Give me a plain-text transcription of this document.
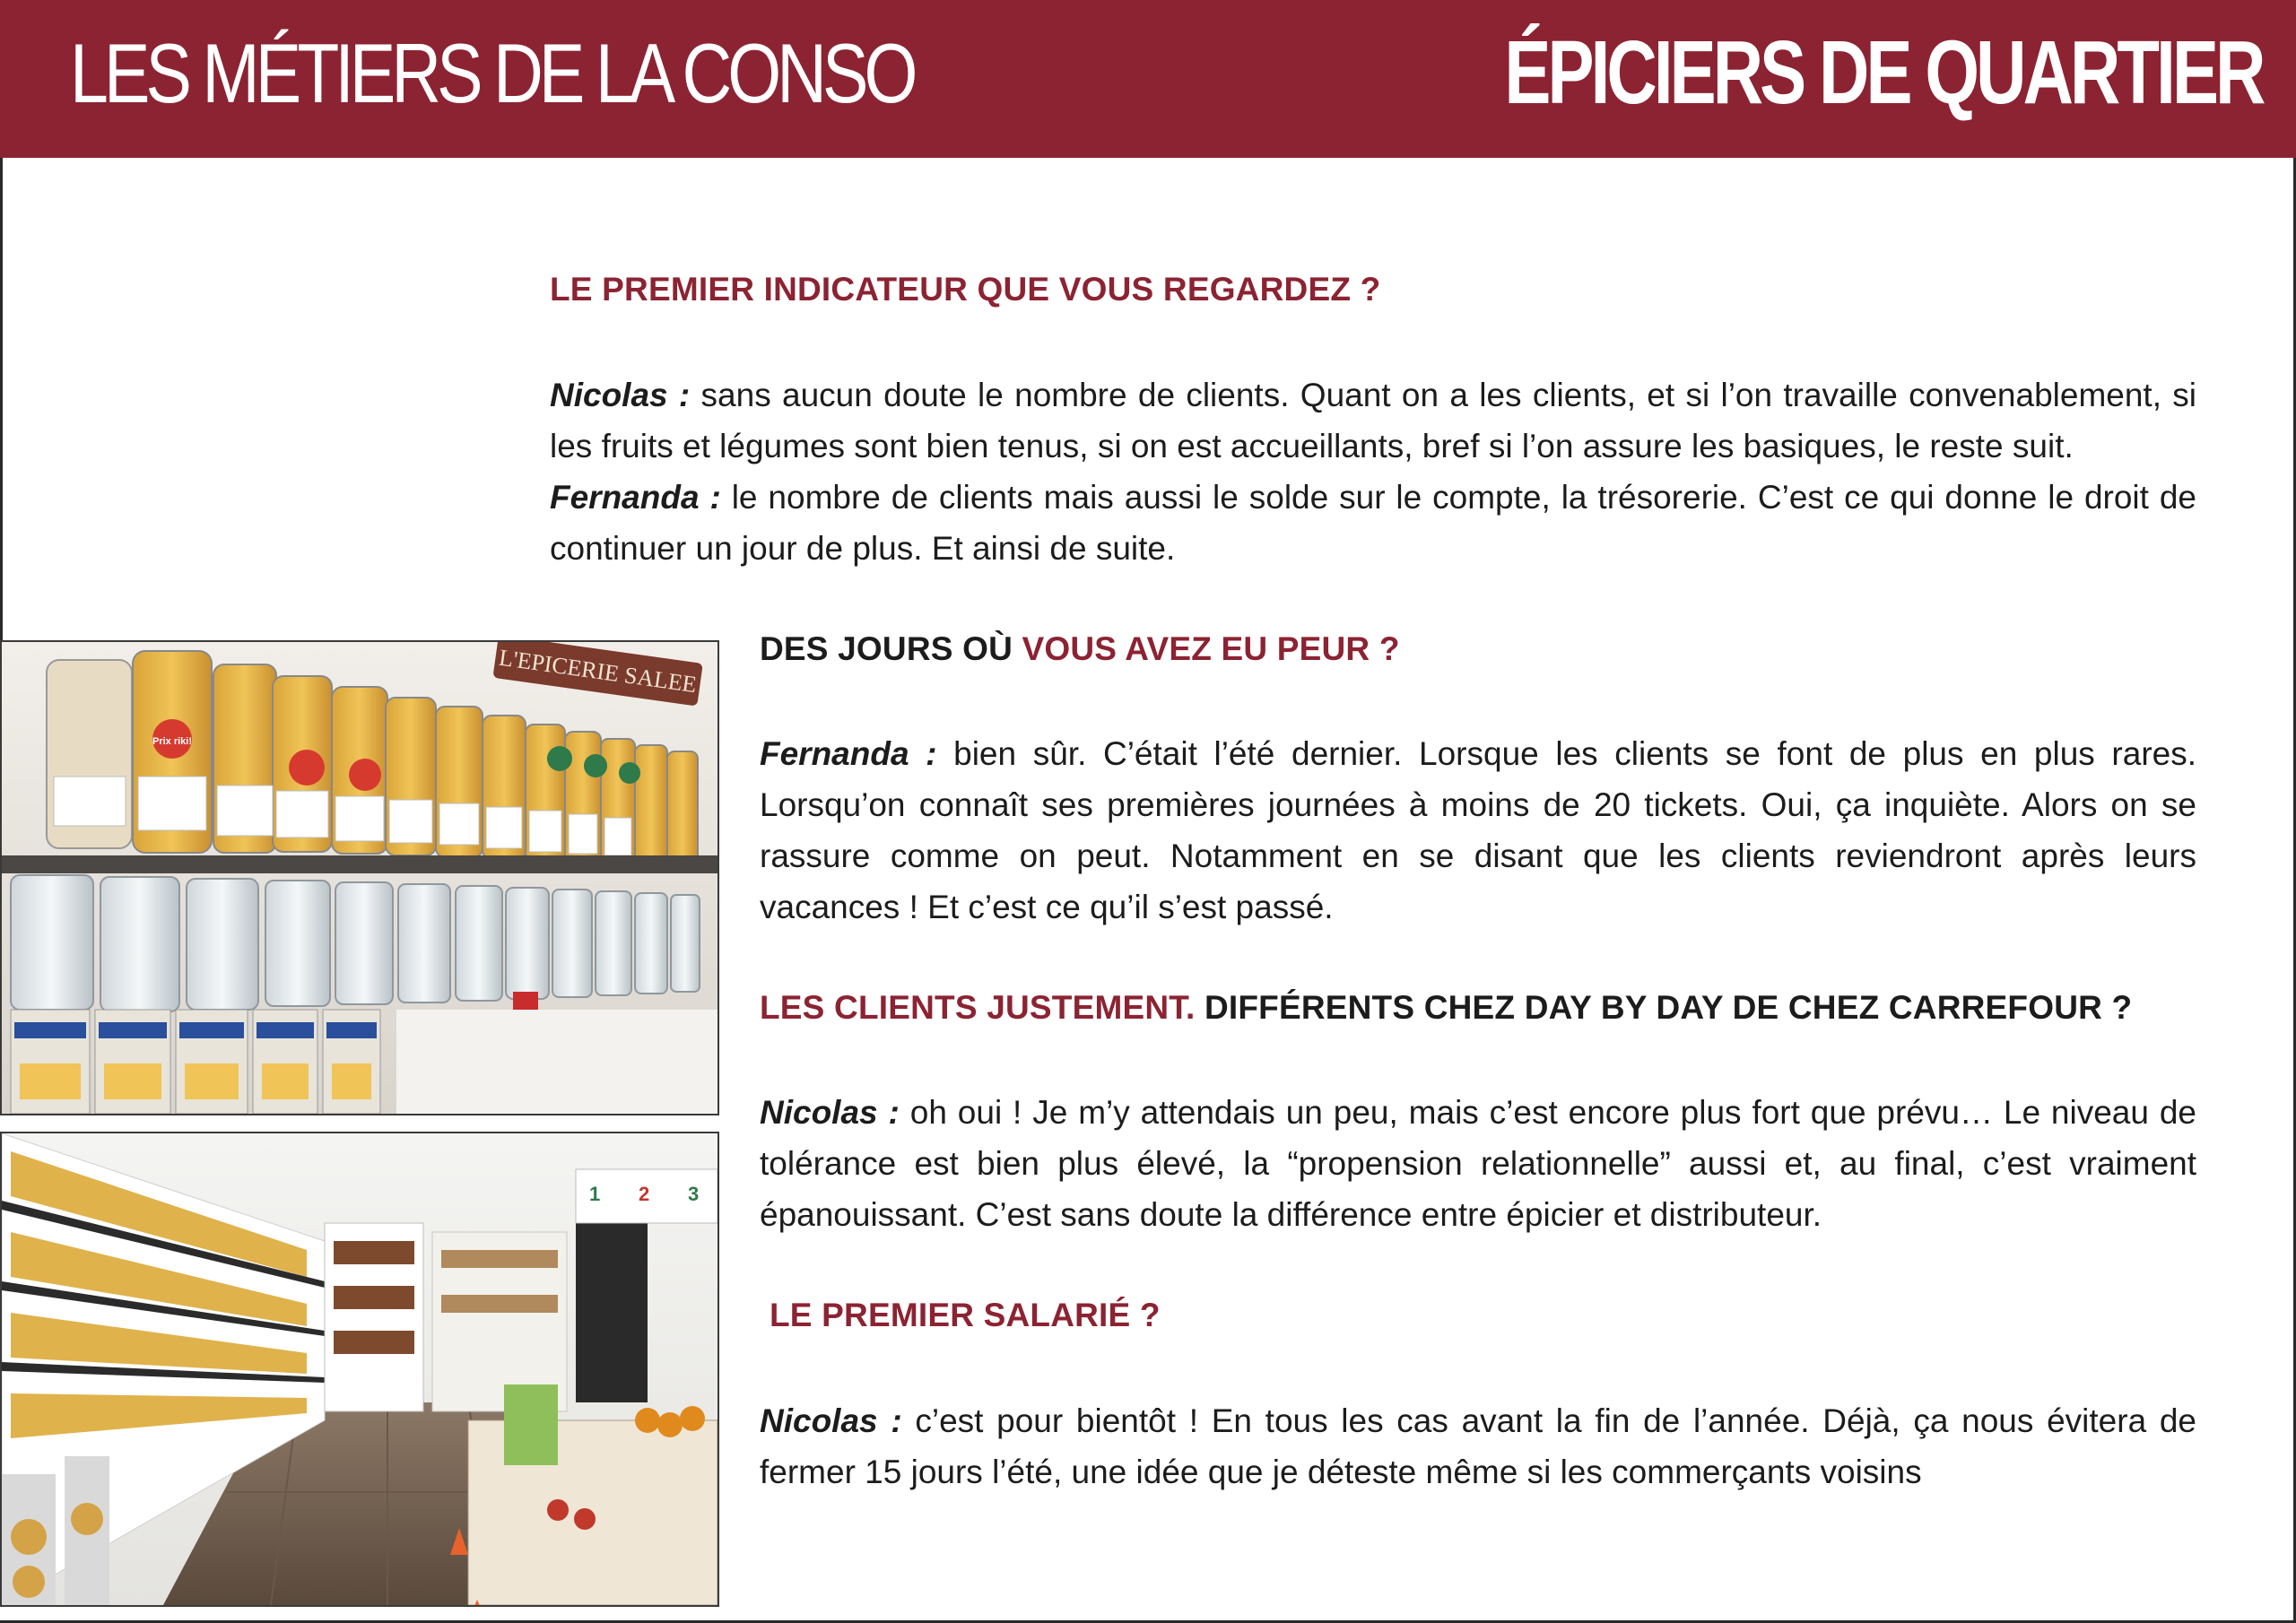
LES MÉTIERS DE LA CONSO	ÉPICIERS DE QUARTIER
LE PREMIER INDICATEUR QUE VOUS REGARDEZ ?
Nicolas : sans aucun doute le nombre de clients. Quant on a les clients, et si l’on travaille convenablement, si les fruits et légumes sont bien tenus, si on est accueillants, bref si l’on assure les basiques, le reste suit.
Fernanda : le nombre de clients mais aussi le solde sur le compte, la trésorerie. C’est ce qui donne le droit de continuer un jour de plus. Et ainsi de suite.
DES JOURS OÙ VOUS AVEZ EU PEUR ?
Fernanda : bien sûr. C’était l’été dernier. Lorsque les clients se font de plus en plus rares. Lorsqu’on connaît ses premières journées à moins de 20 tickets. Oui, ça inquiète. Alors on se rassure comme on peut. Notamment en se disant que les clients reviendront après leurs vacances ! Et c’est ce qu’il s’est passé.
LES CLIENTS JUSTEMENT. DIFFÉRENTS CHEZ DAY BY DAY DE CHEZ CARREFOUR ?
Nicolas : oh oui ! Je m’y attendais un peu, mais c’est encore plus fort que prévu… Le niveau de tolérance est bien plus élevé, la “propension relationnelle” aussi et, au final, c’est vraiment épanouissant. C’est sans doute la différence entre épicier et distributeur.
LE PREMIER SALARIÉ ?
Nicolas : c’est pour bientôt ! En tous les cas avant la fin de l’année. Déjà, ça nous évitera de fermer 15 jours l’été, une idée que je déteste même si les commerçants voisins
L'EPICERIE SALEE
Prix riki!
1 2 3
